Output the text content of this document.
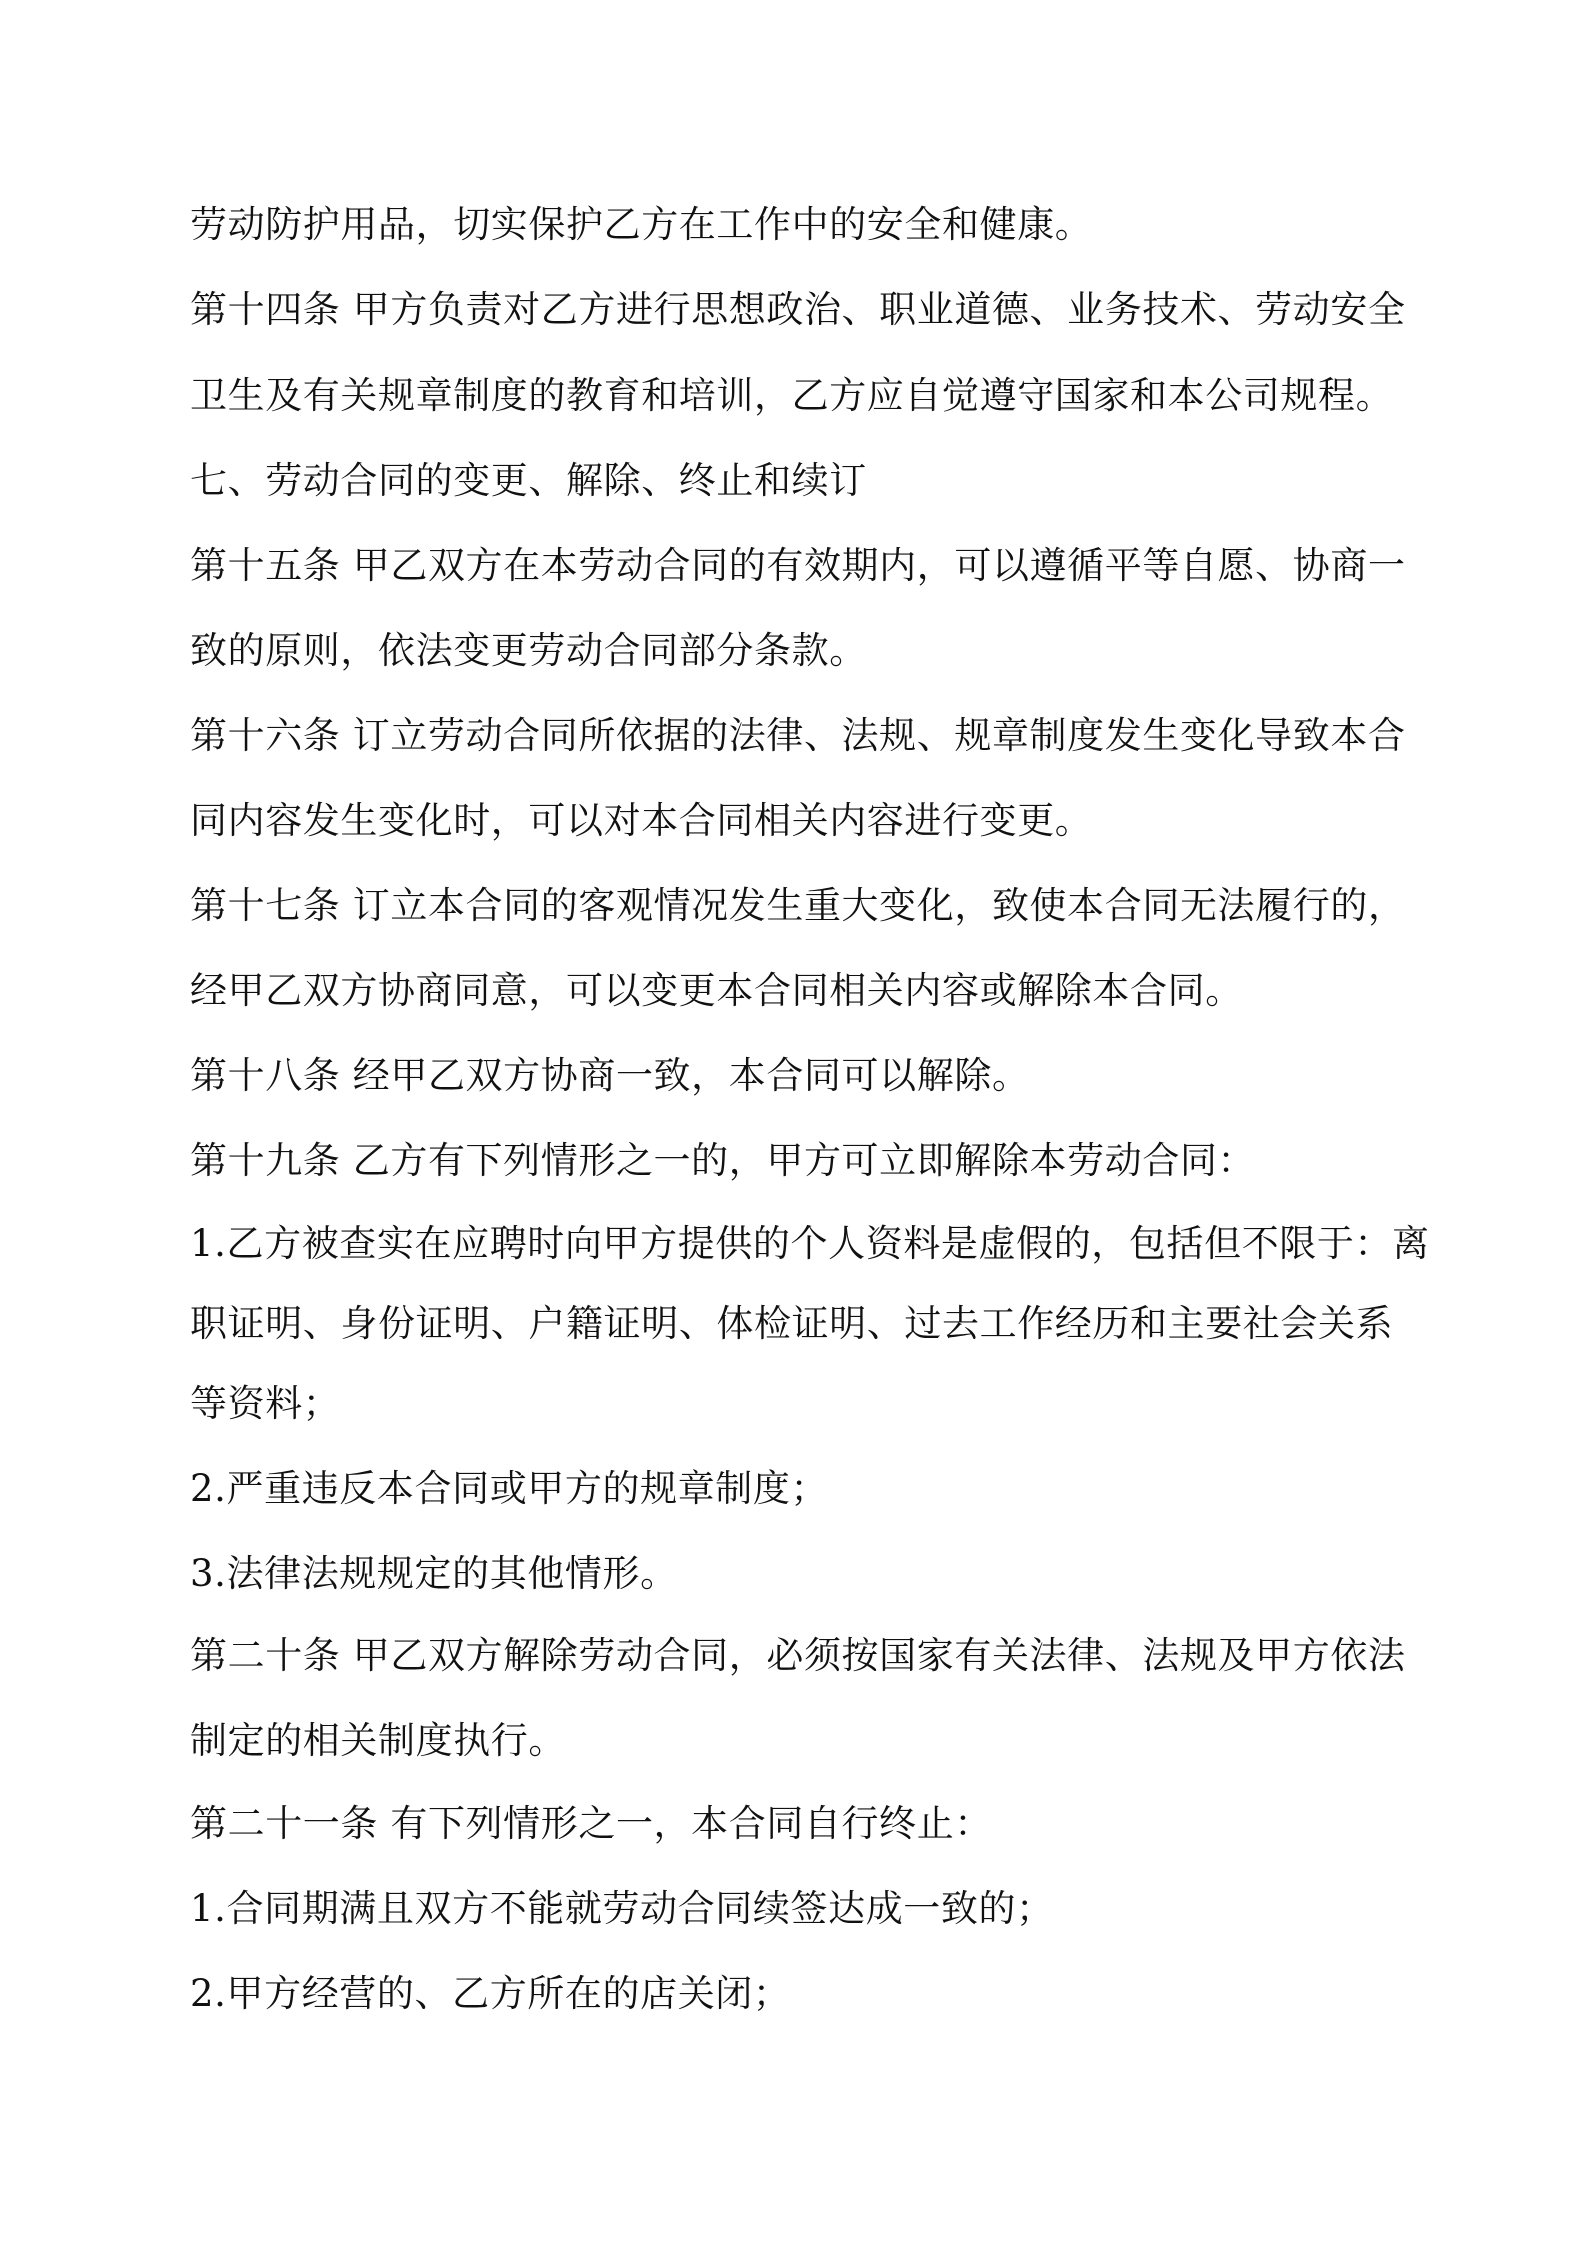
劳动防护用品，切实保护乙方在工作中的安全和健康。

第十四条 甲方负责对乙方进行思想政治、职业道德、业务技术、劳动安全

卫生及有关规章制度的教育和培训，乙方应自觉遵守国家和本公司规程。

七、劳动合同的变更、解除、终止和续订

第十五条 甲乙双方在本劳动合同的有效期内，可以遵循平等自愿、协商一

致的原则，依法变更劳动合同部分条款。

第十六条 订立劳动合同所依据的法律、法规、规章制度发生变化导致本合

同内容发生变化时，可以对本合同相关内容进行变更。

第十七条 订立本合同的客观情况发生重大变化，致使本合同无法履行的，

经甲乙双方协商同意，可以变更本合同相关内容或解除本合同。

第十八条 经甲乙双方协商一致，本合同可以解除。

第十九条 乙方有下列情形之一的，甲方可立即解除本劳动合同：

1.乙方被查实在应聘时向甲方提供的个人资料是虚假的，包括但不限于：离

职证明、身份证明、户籍证明、体检证明、过去工作经历和主要社会关系

等资料；

2.严重违反本合同或甲方的规章制度；

3.法律法规规定的其他情形。

第二十条 甲乙双方解除劳动合同，必须按国家有关法律、法规及甲方依法

制定的相关制度执行。

第二十一条 有下列情形之一，本合同自行终止：

1.合同期满且双方不能就劳动合同续签达成一致的；

2.甲方经营的、乙方所在的店关闭；
